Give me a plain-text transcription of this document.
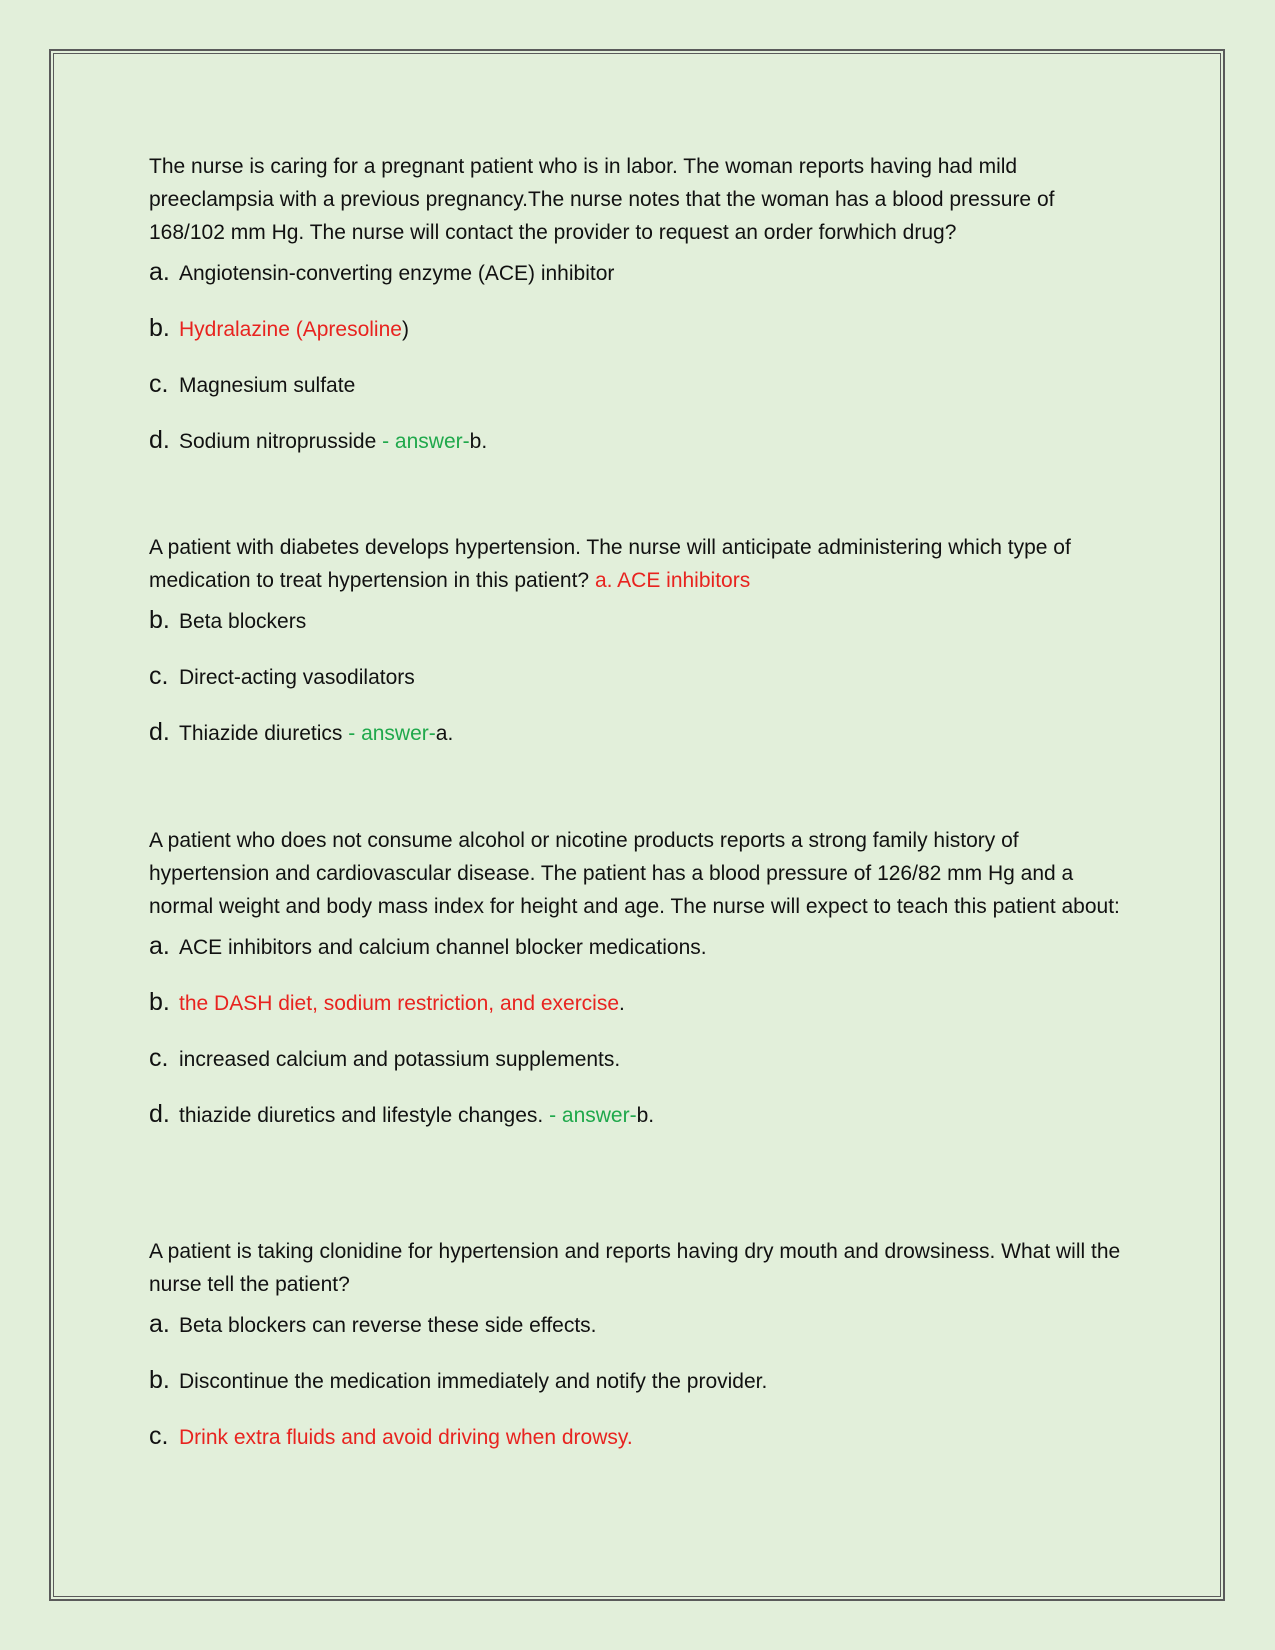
The nurse is caring for a pregnant patient who is in labor. The woman reports having had mild preeclampsia with a previous pregnancy.The nurse notes that the woman has a blood pressure of 168/102 mm Hg. The nurse will contact the provider to request an order forwhich drug?

a. Angiotensin-converting enzyme (ACE) inhibitor
b. Hydralazine (Apresoline)
c. Magnesium sulfate
d. Sodium nitroprusside - answer-b.

A patient with diabetes develops hypertension. The nurse will anticipate administering which type of medication to treat hypertension in this patient? a. ACE inhibitors

b. Beta blockers
c. Direct-acting vasodilators
d. Thiazide diuretics - answer-a.

A patient who does not consume alcohol or nicotine products reports a strong family history of hypertension and cardiovascular disease. The patient has a blood pressure of 126/82 mm Hg and a normal weight and body mass index for height and age. The nurse will expect to teach this patient about:

a. ACE inhibitors and calcium channel blocker medications.
b. the DASH diet, sodium restriction, and exercise.
c. increased calcium and potassium supplements.
d. thiazide diuretics and lifestyle changes. - answer-b.

A patient is taking clonidine for hypertension and reports having dry mouth and drowsiness. What will the nurse tell the patient?

a. Beta blockers can reverse these side effects.
b. Discontinue the medication immediately and notify the provider.
c. Drink extra fluids and avoid driving when drowsy.
